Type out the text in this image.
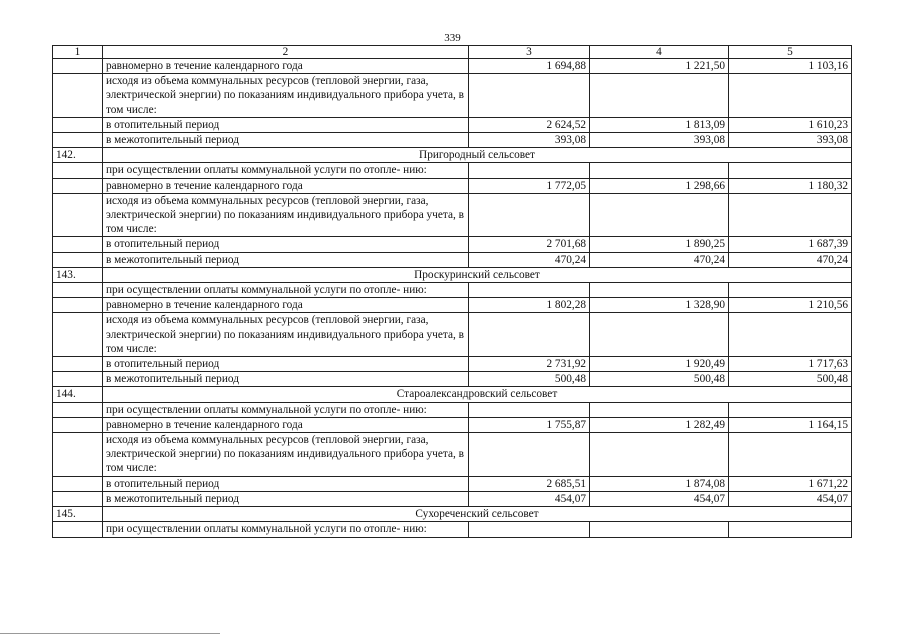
339
1	2	3	4	5
	равномерно в течение календарного года	1 694,88	1 221,50	1 103,16
	исходя из объема коммунальных ресурсов (тепловой энергии, газа, электрической энергии) по показаниям индивидуального прибора учета, в том числе:			
	в отопительный период	2 624,52	1 813,09	1 610,23
	в межотопительный период	393,08	393,08	393,08
142.	Пригородный сельсовет			
	при осуществлении оплаты коммунальной услуги по отопле- нию:			
	равномерно в течение календарного года	1 772,05	1 298,66	1 180,32
	исходя из объема коммунальных ресурсов (тепловой энергии, газа, электрической энергии) по показаниям индивидуального прибора учета, в том числе:			
	в отопительный период	2 701,68	1 890,25	1 687,39
	в межотопительный период	470,24	470,24	470,24
143.	Проскуринский сельсовет			
	при осуществлении оплаты коммунальной услуги по отопле- нию:			
	равномерно в течение календарного года	1 802,28	1 328,90	1 210,56
	исходя из объема коммунальных ресурсов (тепловой энергии, газа, электрической энергии) по показаниям индивидуального прибора учета, в том числе:			
	в отопительный период	2 731,92	1 920,49	1 717,63
	в межотопительный период	500,48	500,48	500,48
144.	Староалександровский сельсовет			
	при осуществлении оплаты коммунальной услуги по отопле- нию:			
	равномерно в течение календарного года	1 755,87	1 282,49	1 164,15
	исходя из объема коммунальных ресурсов (тепловой энергии, газа, электрической энергии) по показаниям индивидуального прибора учета, в том числе:			
	в отопительный период	2 685,51	1 874,08	1 671,22
	в межотопительный период	454,07	454,07	454,07
145.	Сухореченский сельсовет			
	при осуществлении оплаты коммунальной услуги по отопле- нию:			
